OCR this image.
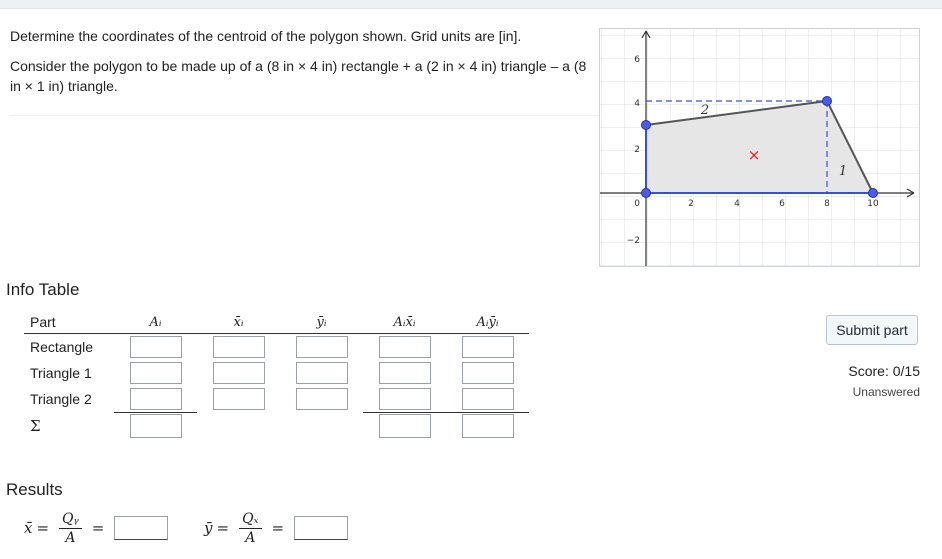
Determine the coordinates of the centroid of the polygon shown. Grid units are [in].

Consider the polygon to be made up of a (8 in × 4 in) rectangle + a (2 in × 4 in) triangle – a (8 in × 1 in) triangle.

×
2
1
2	4	6	8	10
6
4
2
0
−2
Info Table
Part	Aᵢ	x̄ᵢ	ȳᵢ	Aᵢx̄ᵢ	Aᵢȳᵢ
Rectangle					
Triangle 1					
Triangle 2					
Σ					
Submit part
Score: 0/15
Unanswered
Results
x̄ = $\frac{\text{Qᵧ}}{A}$ =	ȳ = $\frac{\text{Qₓ}}{A}$ =
